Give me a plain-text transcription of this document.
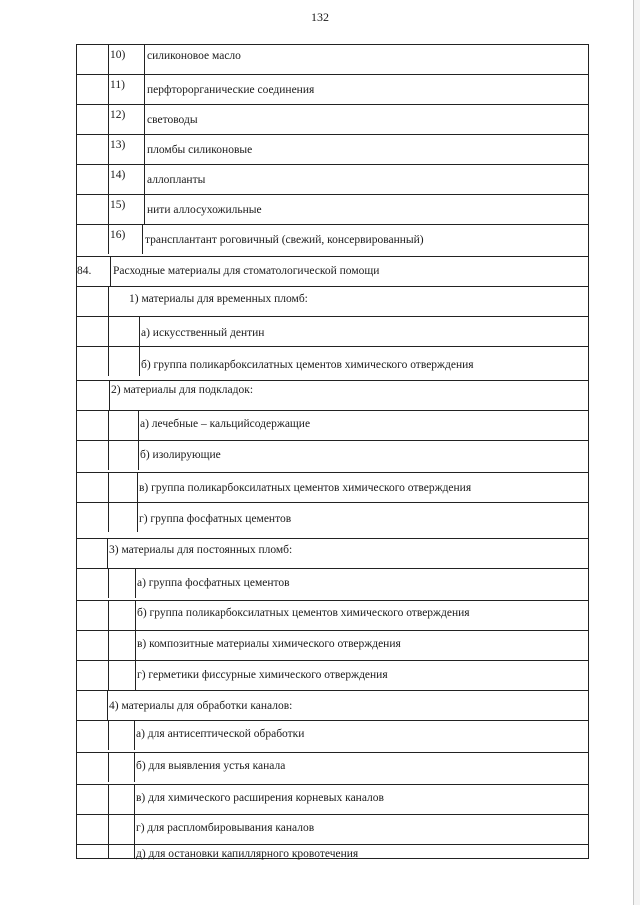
132
10) силиконовое масло
11) перфторорганические соединения
12) световоды
13) пломбы силиконовые
14) аллопланты
15) нити аллосухожильные
16) трансплантант роговичный (свежий, консервированный)
84. Расходные материалы для стоматологической помощи
1) материалы для временных пломб:
а) искусственный дентин
б) группа поликарбоксилатных цементов химического отверждения
2) материалы для подкладок:
а) лечебные – кальцийсодержащие
б) изолирующие
в) группа поликарбоксилатных цементов химического отверждения
г) группа фосфатных цементов
3) материалы для постоянных пломб:
а) группа фосфатных цементов
б) группа поликарбоксилатных цементов химического отверждения
в) композитные материалы химического отверждения
г) герметики фиссурные химического отверждения
4) материалы для обработки каналов:
а) для антисептической обработки
б) для выявления устья канала
в) для химического расширения корневых каналов
г) для распломбировывания каналов
д) для остановки капиллярного кровотечения
